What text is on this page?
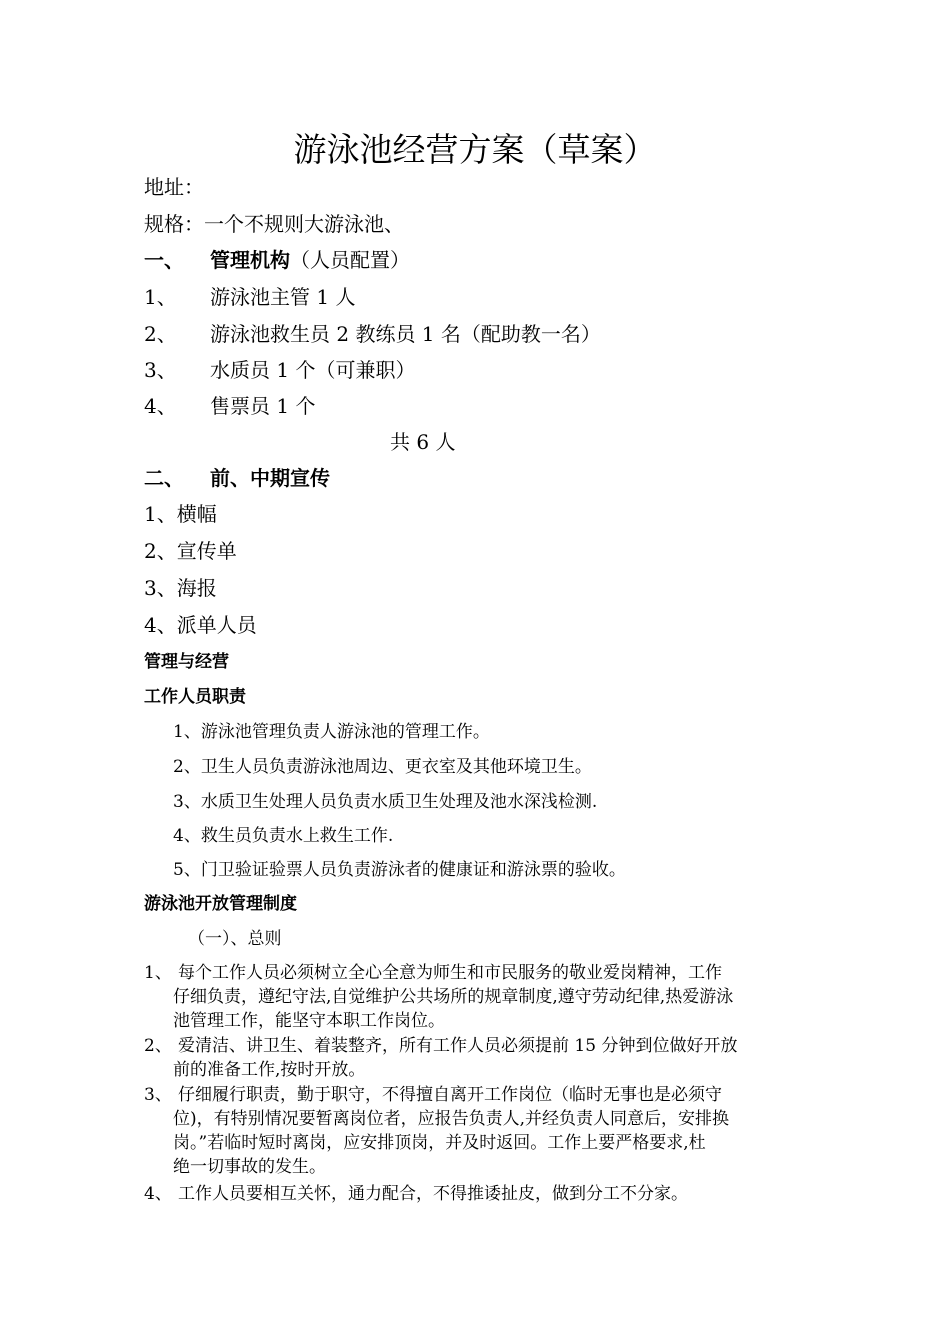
游泳池经营方案（草案）
地址：
规格：一个不规则大游泳池、
一、 管理机构（人员配置）
1、 游泳池主管 1 人
2、 游泳池救生员 2 教练员 1 名（配助教一名）
3、 水质员 1 个（可兼职）
4、 售票员 1 个
共 6 人
二、 前、中期宣传
1、横幅
2、宣传单
3、海报
4、派单人员
管理与经营
工作人员职责
1、游泳池管理负责人游泳池的管理工作。
2、卫生人员负责游泳池周边、更衣室及其他环境卫生。
3、水质卫生处理人员负责水质卫生处理及池水深浅检测.
4、救生员负责水上救生工作.
5、门卫验证验票人员负责游泳者的健康证和游泳票的验收。
游泳池开放管理制度
（一）、总则
1、 每个工作人员必须树立全心全意为师生和市民服务的敬业爱岗精神，工作
仔细负责，遵纪守法,自觉维护公共场所的规章制度,遵守劳动纪律,热爱游泳
池管理工作，能坚守本职工作岗位。
2、 爱清洁、讲卫生、着装整齐，所有工作人员必须提前 15 分钟到位做好开放
前的准备工作,按时开放。
3、 仔细履行职责，勤于职守，不得擅自离开工作岗位（临时无事也是必须守
位)，有特别情况要暂离岗位者，应报告负责人,并经负责人同意后，安排换
岗。”若临时短时离岗，应安排顶岗，并及时返回。工作上要严格要求,杜
绝一切事故的发生。
4、 工作人员要相互关怀，通力配合，不得推诿扯皮，做到分工不分家。
